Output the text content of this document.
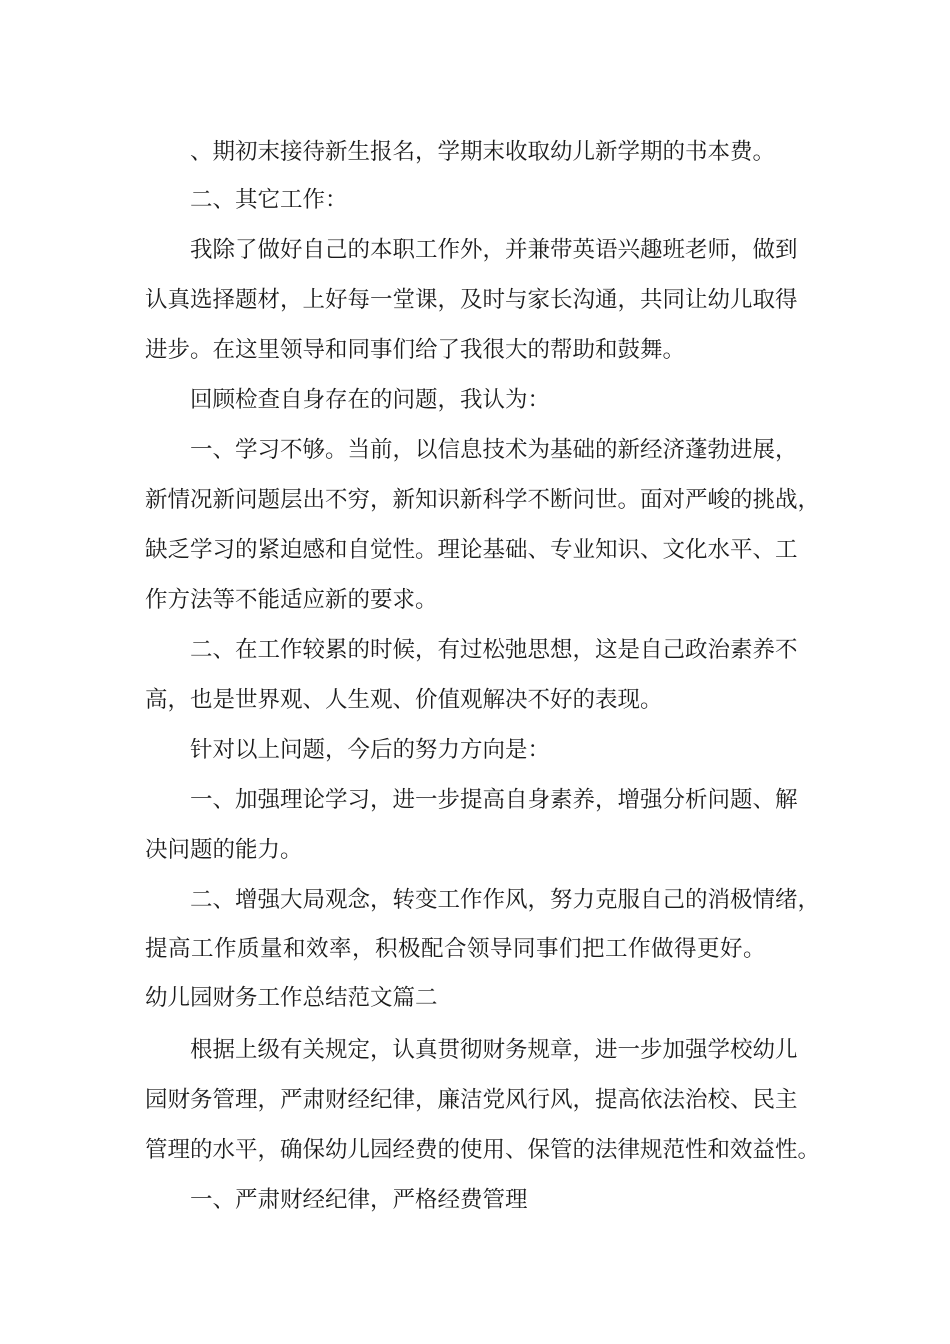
、期初末接待新生报名，学期末收取幼儿新学期的书本费。
二、其它工作：
我除了做好自己的本职工作外，并兼带英语兴趣班老师，做到
认真选择题材，上好每一堂课，及时与家长沟通，共同让幼儿取得
进步。在这里领导和同事们给了我很大的帮助和鼓舞。
回顾检查自身存在的问题，我认为：
一、学习不够。当前，以信息技术为基础的新经济蓬勃进展，
新情况新问题层出不穷，新知识新科学不断问世。面对严峻的挑战，
缺乏学习的紧迫感和自觉性。理论基础、专业知识、文化水平、工
作方法等不能适应新的要求。
二、在工作较累的时候，有过松弛思想，这是自己政治素养不
高，也是世界观、人生观、价值观解决不好的表现。
针对以上问题，今后的努力方向是：
一、加强理论学习，进一步提高自身素养，增强分析问题、解
决问题的能力。
二、增强大局观念，转变工作作风，努力克服自己的消极情绪，
提高工作质量和效率，积极配合领导同事们把工作做得更好。
幼儿园财务工作总结范文篇二
根据上级有关规定，认真贯彻财务规章，进一步加强学校幼儿
园财务管理，严肃财经纪律，廉洁党风行风，提高依法治校、民主
管理的水平，确保幼儿园经费的使用、保管的法律规范性和效益性。
一、严肃财经纪律，严格经费管理
